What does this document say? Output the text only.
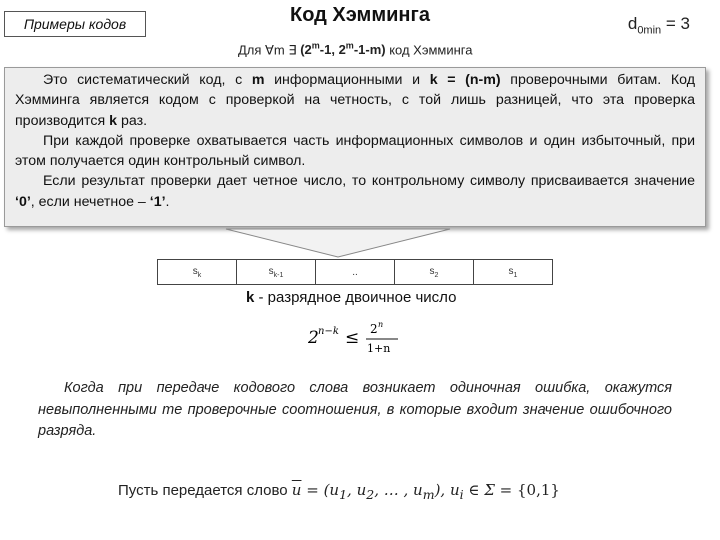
Примеры кодов	Код Хэмминга	$d_{0min} = 3$
Для ∀m ∃ (2$^m$-1, 2$^m$-1-m) код Хэмминга

Это систематический код, с m информационными и k = (n-m) проверочными битам. Код Хэмминга является кодом с проверкой на четность, с той лишь разницей, что эта проверка производится k раз.

При каждой проверке охватывается часть информационных символов и один избыточный, при этом получается один контрольный символ.

Если результат проверки дает четное число, то контрольному символу присваивается значение ‘0’, если нечетное – ‘1’.

$s_k$	$s_{k-1}$	..	$s_2$	$s_1$
k - разрядное двоичное число
2 n−k ≤ 2 n
1+n
Когда при передаче кодового слова возникает одиночная ошибка, окажутся невыполненными те проверочные соотношения, в которые входит значение ошибочного разряда.
Пусть передается слово $\overline{u} = (u_1$, $u_2$, … , $u_m$), $u_i$ ∈ Σ = {0,1}
